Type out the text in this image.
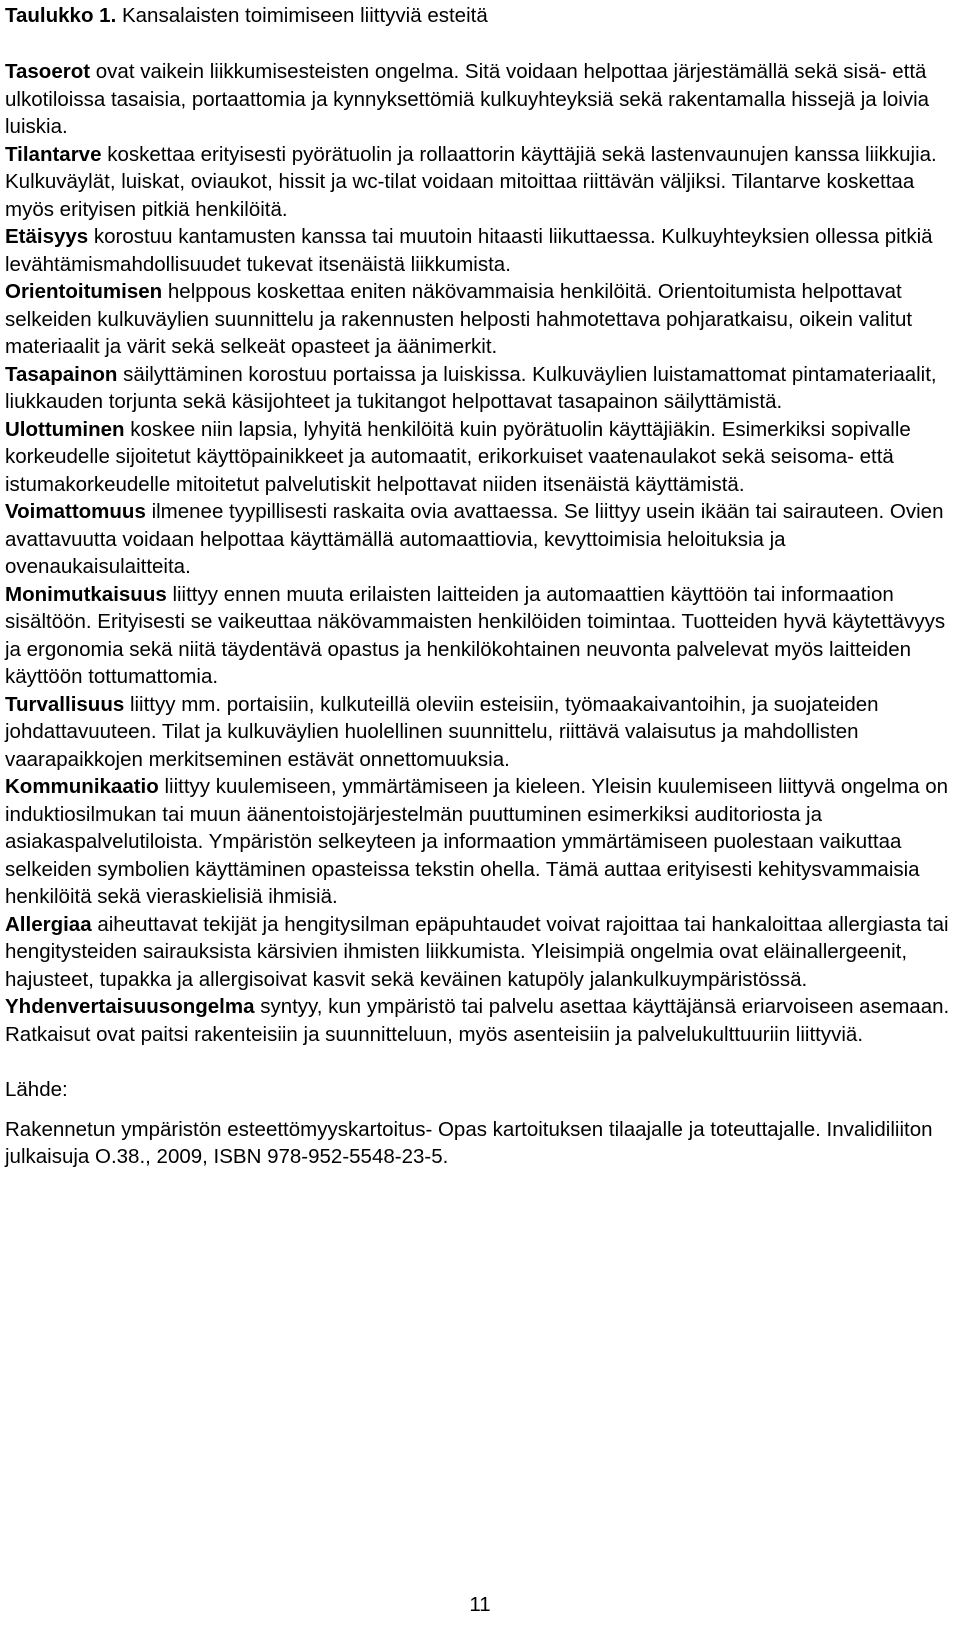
Taulukko 1. Kansalaisten toimimiseen liittyviä esteitä

Tasoerot ovat vaikein liikkumisesteisten ongelma. Sitä voidaan helpottaa järjestämällä sekä sisä- että ulkotiloissa tasaisia, portaattomia ja kynnyksettömiä kulkuyhteyksiä sekä rakentamalla hissejä ja loivia luiskia.

Tilantarve koskettaa erityisesti pyörätuolin ja rollaattorin käyttäjiä sekä lastenvaunujen kanssa liikkujia. Kulkuväylät, luiskat, oviaukot, hissit ja wc-tilat voidaan mitoittaa riittävän väljiksi. Tilantarve koskettaa myös erityisen pitkiä henkilöitä.

Etäisyys korostuu kantamusten kanssa tai muutoin hitaasti liikuttaessa. Kulkuyhteyksien ollessa pitkiä levähtämismahdollisuudet tukevat itsenäistä liikkumista.

Orientoitumisen helppous koskettaa eniten näkövammaisia henkilöitä. Orientoitumista helpottavat selkeiden kulkuväylien suunnittelu ja rakennusten helposti hahmotettava pohjaratkaisu, oikein valitut materiaalit ja värit sekä selkeät opasteet ja äänimerkit.

Tasapainon säilyttäminen korostuu portaissa ja luiskissa. Kulkuväylien luistamattomat pintamateriaalit, liukkauden torjunta sekä käsijohteet ja tukitangot helpottavat tasapainon säilyttämistä.

Ulottuminen koskee niin lapsia, lyhyitä henkilöitä kuin pyörätuolin käyttäjiäkin. Esimerkiksi sopivalle korkeudelle sijoitetut käyttöpainikkeet ja automaatit, erikorkuiset vaatenaulakot sekä seisoma- että istumakorkeudelle mitoitetut palvelutiskit helpottavat niiden itsenäistä käyttämistä.

Voimattomuus ilmenee tyypillisesti raskaita ovia avattaessa. Se liittyy usein ikään tai sairauteen. Ovien avattavuutta voidaan helpottaa käyttämällä automaattiovia, kevyttoimisia heloituksia ja ovenaukaisulaitteita.

Monimutkaisuus liittyy ennen muuta erilaisten laitteiden ja automaattien käyttöön tai informaation sisältöön. Erityisesti se vaikeuttaa näkövammaisten henkilöiden toimintaa. Tuotteiden hyvä käytettävyys ja ergonomia sekä niitä täydentävä opastus ja henkilökohtainen neuvonta palvelevat myös laitteiden käyttöön tottumattomia.

Turvallisuus liittyy mm. portaisiin, kulkuteillä oleviin esteisiin, työmaakaivantoihin, ja suojateiden johdattavuuteen. Tilat ja kulkuväylien huolellinen suunnittelu, riittävä valaisutus ja mahdollisten vaarapaikkojen merkitseminen estävät onnettomuuksia.

Kommunikaatio liittyy kuulemiseen, ymmärtämiseen ja kieleen. Yleisin kuulemiseen liittyvä ongelma on induktiosilmukan tai muun äänentoistojärjestelmän puuttuminen esimerkiksi auditoriosta ja asiakaspalvelutiloista. Ympäristön selkeyteen ja informaation ymmärtämiseen puolestaan vaikuttaa selkeiden symbolien käyttäminen opasteissa tekstin ohella. Tämä auttaa erityisesti kehitysvammaisia henkilöitä sekä vieraskielisiä ihmisiä.

Allergiaa aiheuttavat tekijät ja hengitysilman epäpuhtaudet voivat rajoittaa tai hankaloittaa allergiasta tai hengitysteiden sairauksista kärsivien ihmisten liikkumista. Yleisimpiä ongelmia ovat eläinallergeenit, hajusteet, tupakka ja allergisoivat kasvit sekä keväinen katupöly jalankulkuympäristössä.

Yhdenvertaisuusongelma syntyy, kun ympäristö tai palvelu asettaa käyttäjänsä eriarvoiseen asemaan. Ratkaisut ovat paitsi rakenteisiin ja suunnitteluun, myös asenteisiin ja palvelukulttuuriin liittyviä.

Lähde:
Rakennetun ympäristön esteettömyyskartoitus- Opas kartoituksen tilaajalle ja toteuttajalle. Invalidiliiton julkaisuja O.38., 2009, ISBN 978-952-5548-23-5.
11
